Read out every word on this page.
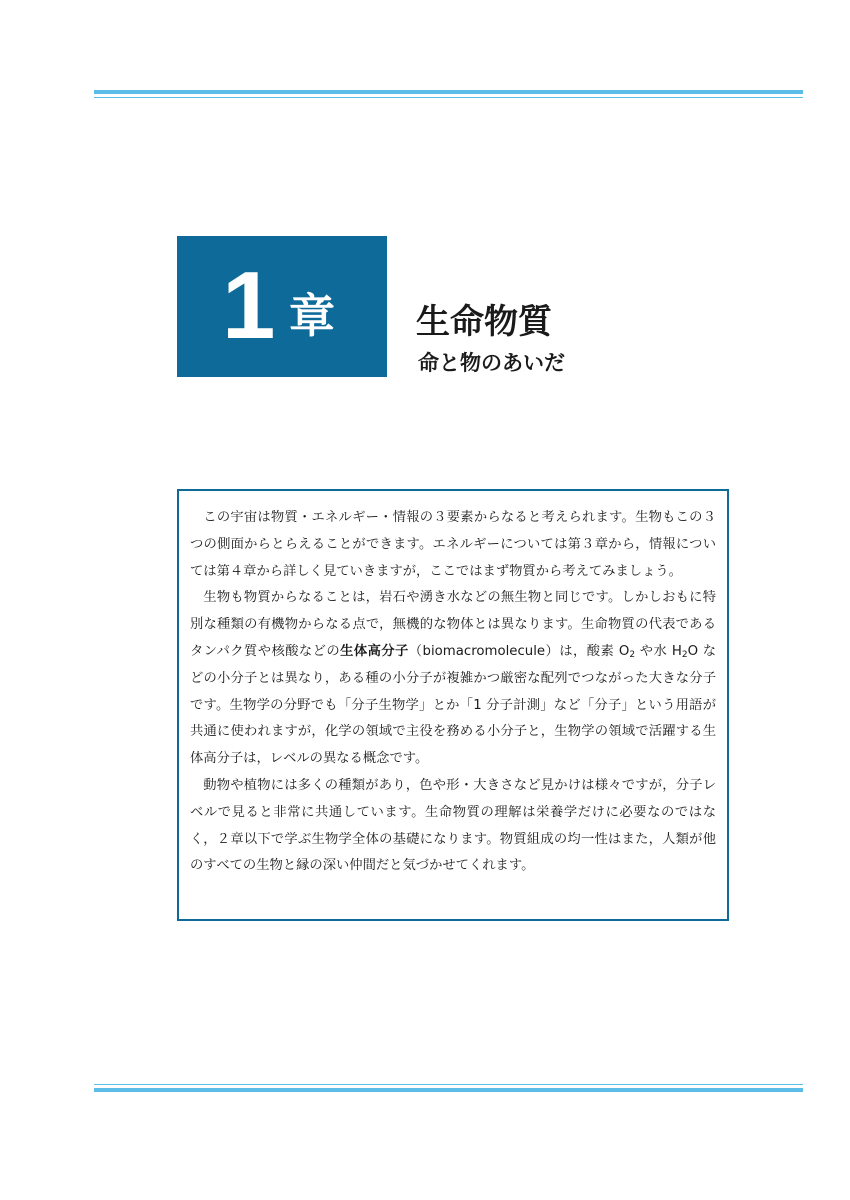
1 章 生命物質
命と物のあいだ

この宇宙は物質・エネルギー・情報の３要素からなると考えられます。生物もこの３つの側面からとらえることができます。エネルギーについては第３章から，情報については第４章から詳しく見ていきますが，ここではまず物質から考えてみましょう。

生物も物質からなることは，岩石や湧き水などの無生物と同じです。しかしおもに特別な種類の有機物からなる点で，無機的な物体とは異なります。生命物質の代表であるタンパク質や核酸などの生体高分子（biomacromolecule）は，酸素 $O_2$ や水 $H_2O$ などの小分子とは異なり，ある種の小分子が複雑かつ厳密な配列でつながった大きな分子です。生物学の分野でも「分子生物学」とか「1 分子計測」など「分子」という用語が共通に使われますが，化学の領域で主役を務める小分子と，生物学の領域で活躍する生体高分子は，レベルの異なる概念です。

動物や植物には多くの種類があり，色や形・大きさなど見かけは様々ですが，分子レベルで見ると非常に共通しています。生命物質の理解は栄養学だけに必要なのではなく，２章以下で学ぶ生物学全体の基礎になります。物質組成の均一性はまた，人類が他のすべての生物と縁の深い仲間だと気づかせてくれます。
